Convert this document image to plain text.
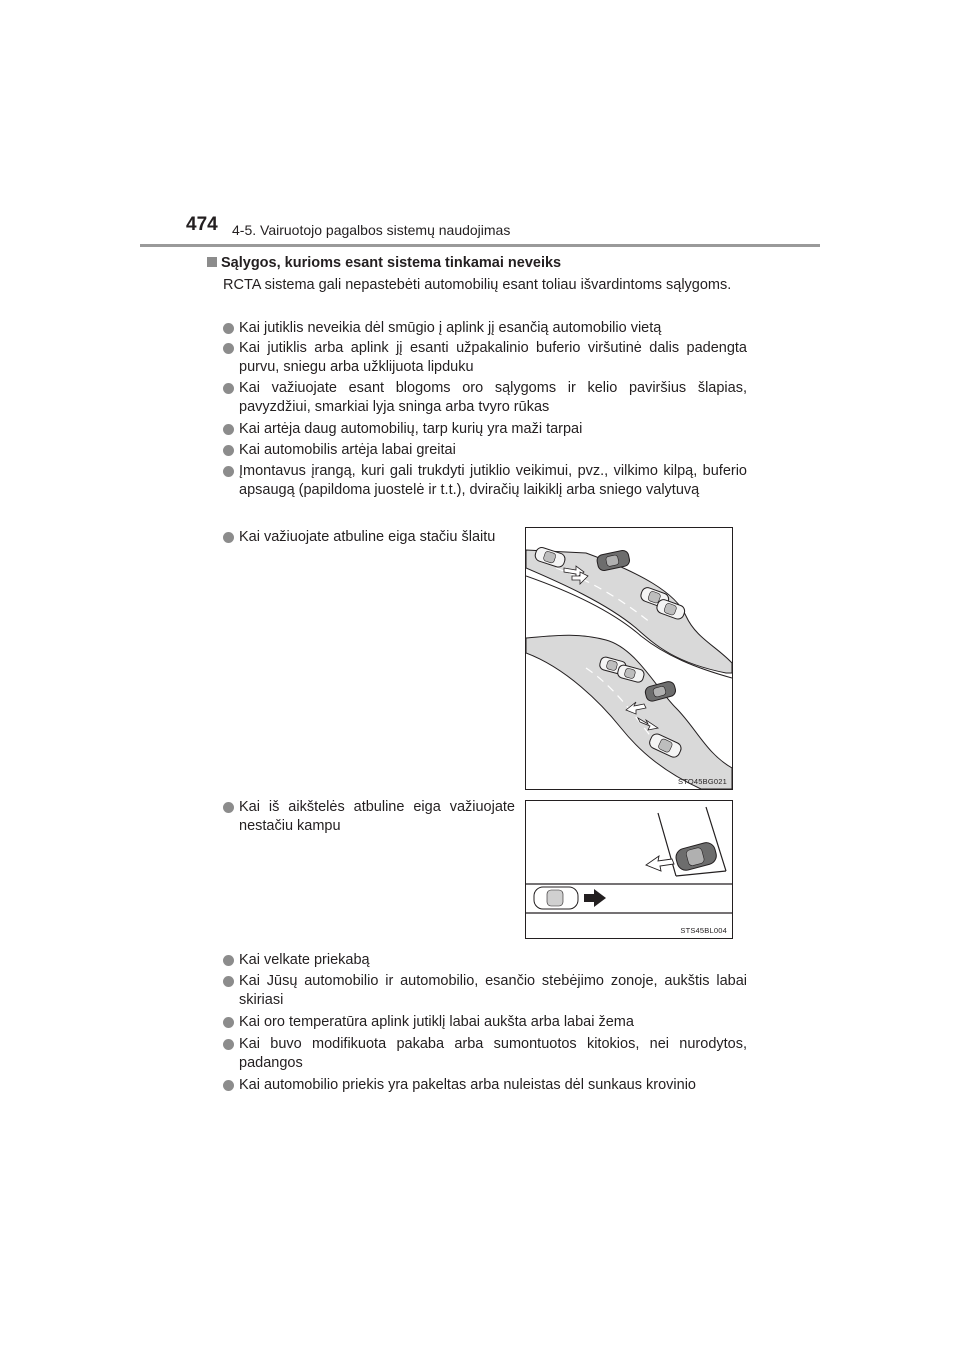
474 4-5. Vairuotojo pagalbos sistemų naudojimas
Sąlygos, kurioms esant sistema tinkamai neveiks
RCTA sistema gali nepastebėti automobilių esant toliau išvardintoms sąlygoms.
Kai jutiklis neveikia dėl smūgio į aplink jį esančią automobilio vietą
Kai jutiklis arba aplink jį esanti užpakalinio buferio viršutinė dalis padengta purvu, sniegu arba užklijuota lipduku
Kai važiuojate esant blogoms oro sąlygoms ir kelio paviršius šlapias, pavyzdžiui, smarkiai lyja sninga arba tvyro rūkas
Kai artėja daug automobilių, tarp kurių yra maži tarpai
Kai automobilis artėja labai greitai
Įmontavus įrangą, kuri gali trukdyti jutiklio veikimui, pvz., vilkimo kilpą, buferio apsaugą (papildoma juostelė ir t.t.), dviračių laikiklį arba sniego valytuvą
Kai važiuojate atbuline eiga stačiu šlaitu
Kai iš aikštelės atbuline eiga važiuojate nestačiu kampu
Kai velkate priekabą
Kai Jūsų automobilio ir automobilio, esančio stebėjimo zonoje, aukštis labai skiriasi
Kai oro temperatūra aplink jutiklį labai aukšta arba labai žema
Kai buvo modifikuota pakaba arba sumontuotos kitokios, nei nurodytos, padangos
Kai automobilio priekis yra pakeltas arba nuleistas dėl sunkaus krovinio
STO45BG021
STS45BL004
